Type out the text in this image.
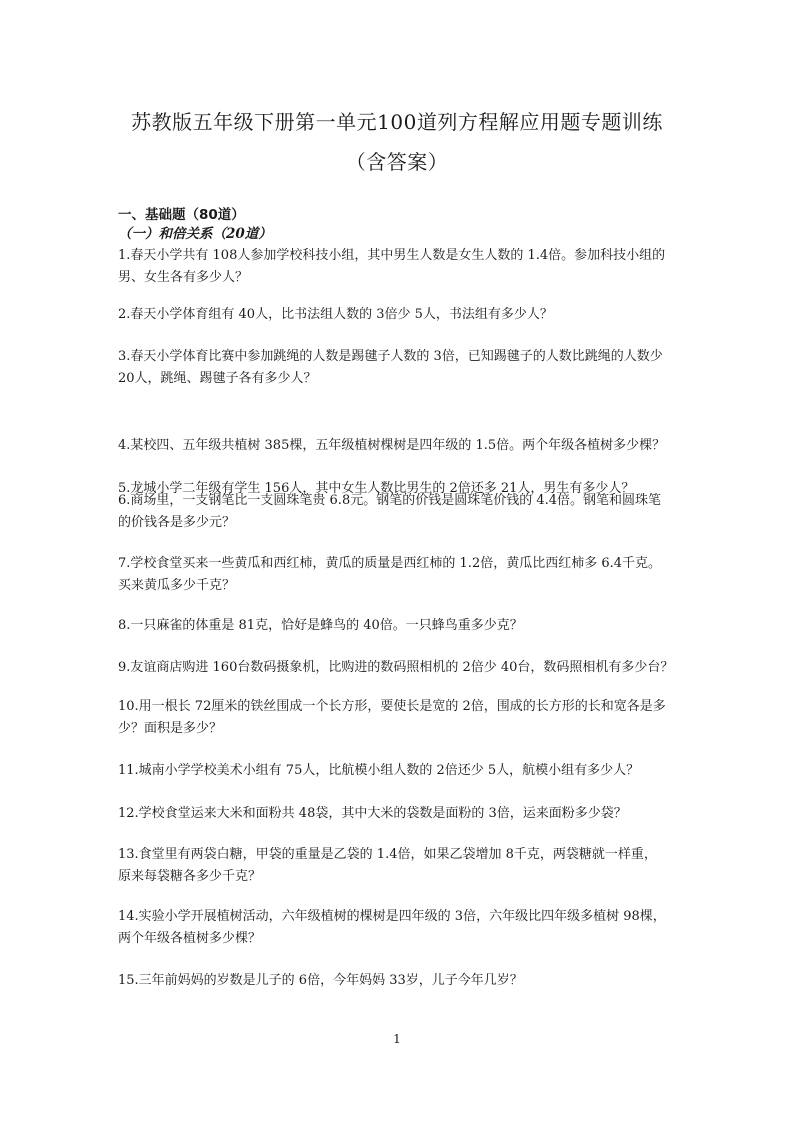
苏教版五年级下册第一单元100道列方程解应用题专题训练
（含答案）
一、基础题（80道）
（一）和倍关系（20道）

1.春天小学共有 108人参加学校科技小组，其中男生人数是女生人数的 1.4倍。参加科技小组的
男、女生各有多少人？

2.春天小学体育组有 40人，比书法组人数的 3倍少 5人，书法组有多少人？

3.春天小学体育比赛中参加跳绳的人数是踢毽子人数的 3倍，已知踢毽子的人数比跳绳的人数少
20人，跳绳、踢毽子各有多少人？

4.某校四、五年级共植树 385棵，五年级植树棵树是四年级的 1.5倍。两个年级各植树多少棵？

5.龙城小学二年级有学生 156人，其中女生人数比男生的 2倍还多 21人，男生有多少人？

6.商场里，一支钢笔比一支圆珠笔贵 6.8元。钢笔的价钱是圆珠笔价钱的 4.4倍。钢笔和圆珠笔
的价钱各是多少元？

7.学校食堂买来一些黄瓜和西红柿，黄瓜的质量是西红柿的 1.2倍，黄瓜比西红柿多 6.4千克。
买来黄瓜多少千克？

8.一只麻雀的体重是 81克，恰好是蜂鸟的 40倍。一只蜂鸟重多少克？

9.友谊商店购进 160台数码摄象机，比购进的数码照相机的 2倍少 40台，数码照相机有多少台？

10.用一根长 72厘米的铁丝围成一个长方形，要使长是宽的 2倍，围成的长方形的长和宽各是多
少？面积是多少？

11.城南小学学校美术小组有 75人，比航模小组人数的 2倍还少 5人，航模小组有多少人？

12.学校食堂运来大米和面粉共 48袋，其中大米的袋数是面粉的 3倍，运来面粉多少袋？

13.食堂里有两袋白糖，甲袋的重量是乙袋的 1.4倍，如果乙袋增加 8千克，两袋糖就一样重，
原来每袋糖各多少千克？

14.实验小学开展植树活动，六年级植树的棵树是四年级的 3倍，六年级比四年级多植树 98棵，
两个年级各植树多少棵？

15.三年前妈妈的岁数是儿子的 6倍，今年妈妈 33岁，儿子今年几岁？

1
